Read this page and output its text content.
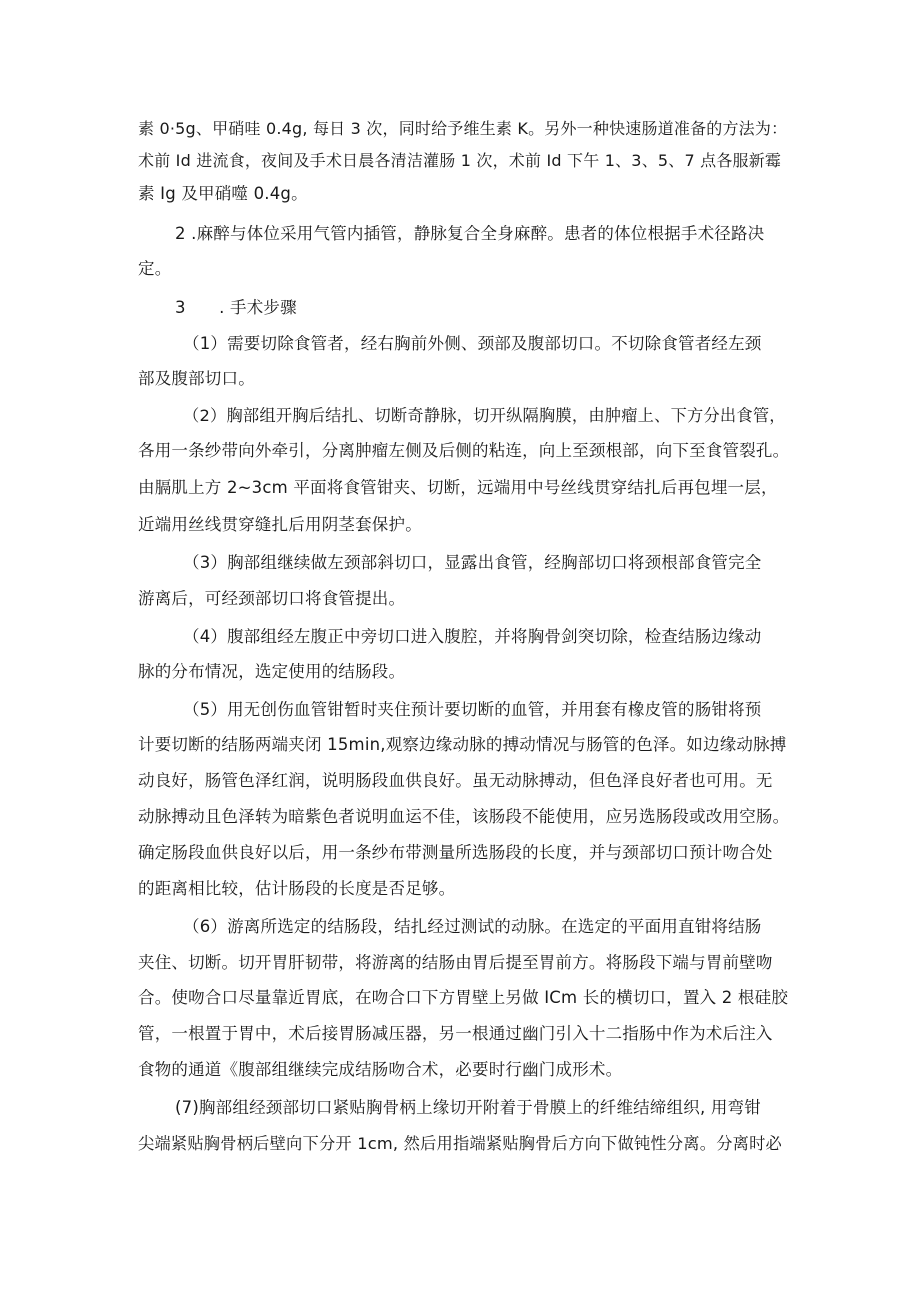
素 0·5g、甲硝哇 0.4g, 每日 3 次，同时给予维生素 K。另外一种快速肠道准备的方法为：
术前 Id 进流食，夜间及手术日晨各清洁灌肠 1 次，术前 Id 下午 1、3、5、7 点各服新霉
素 Ig 及甲硝噬 0.4g。
2 .麻醉与体位采用气管内插管，静脉复合全身麻醉。患者的体位根据手术径路决
定。
3　　. 手术步骤
（1）需要切除食管者，经右胸前外侧、颈部及腹部切口。不切除食管者经左颈
部及腹部切口。
（2）胸部组开胸后结扎、切断奇静脉，切开纵隔胸膜，由肿瘤上、下方分出食管，
各用一条纱带向外牵引，分离肿瘤左侧及后侧的粘连，向上至颈根部，向下至食管裂孔。
由膈肌上方 2~3cm 平面将食管钳夹、切断，远端用中号丝线贯穿结扎后再包埋一层，
近端用丝线贯穿缝扎后用阴茎套保护。
（3）胸部组继续做左颈部斜切口，显露出食管，经胸部切口将颈根部食管完全
游离后，可经颈部切口将食管提出。
（4）腹部组经左腹正中旁切口进入腹腔，并将胸骨剑突切除，检查结肠边缘动
脉的分布情况，选定使用的结肠段。
（5）用无创伤血管钳暂时夹住预计要切断的血管，并用套有橡皮管的肠钳将预
计要切断的结肠两端夹闭 15min,观察边缘动脉的搏动情况与肠管的色泽。如边缘动脉搏
动良好，肠管色泽红润，说明肠段血供良好。虽无动脉搏动，但色泽良好者也可用。无
动脉搏动且色泽转为暗紫色者说明血运不佳，该肠段不能使用，应另选肠段或改用空肠。
确定肠段血供良好以后，用一条纱布带测量所选肠段的长度，并与颈部切口预计吻合处
的距离相比较，估计肠段的长度是否足够。
（6）游离所选定的结肠段，结扎经过测试的动脉。在选定的平面用直钳将结肠
夹住、切断。切开胃肝韧带，将游离的结肠由胃后提至胃前方。将肠段下端与胃前壁吻
合。使吻合口尽量靠近胃底，在吻合口下方胃壁上另做 ICm 长的横切口，置入 2 根硅胶
管，一根置于胃中，术后接胃肠减压器，另一根通过幽门引入十二指肠中作为术后注入
食物的通道《腹部组继续完成结肠吻合术，必要时行幽门成形术。
(7)胸部组经颈部切口紧贴胸骨柄上缘切开附着于骨膜上的纤维结缔组织, 用弯钳
尖端紧贴胸骨柄后壁向下分开 1cm, 然后用指端紧贴胸骨后方向下做钝性分离。分离时必
